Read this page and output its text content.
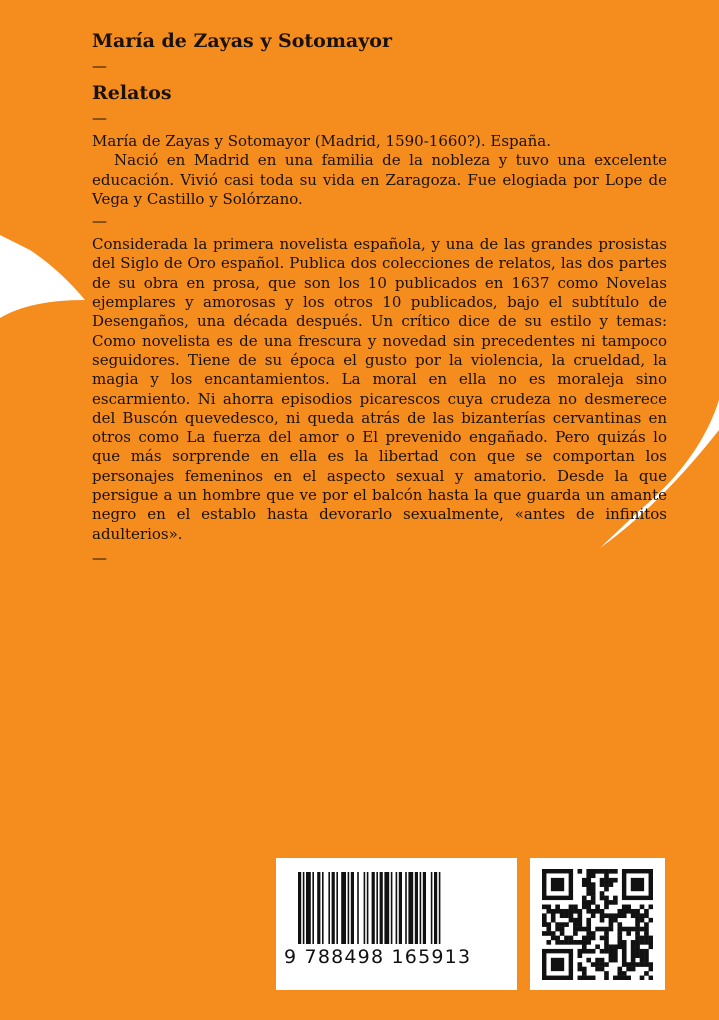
María de Zayas y Sotomayor
—
Relatos
—

María de Zayas y Sotomayor (Madrid, 1590-1660?). España.

Nació en Madrid en una familia de la nobleza y tuvo una excelente educación. Vivió casi toda su vida en Zaragoza. Fue elogiada por Lope de Vega y Castillo y Solórzano.

—

Considerada la primera novelista española, y una de las grandes prosistas del Siglo de Oro español. Publica dos colecciones de relatos, las dos partes de su obra en prosa, que son los 10 publicados en 1637 como Novelas ejemplares y amorosas y los otros 10 publicados, bajo el subtítulo de Desengaños, una década después. Un crítico dice de su estilo y temas: Como novelista es de una frescura y novedad sin precedentes ni tampoco seguidores. Tiene de su época el gusto por la violencia, la crueldad, la magia y los encantamientos. La moral en ella no es moraleja sino escarmiento. Ni ahorra episodios picarescos cuya crudeza no desmerece del Buscón quevedesco, ni queda atrás de las bizanterías cervantinas en otros como La fuerza del amor o El prevenido engañado. Pero quizás lo que más sorprende en ella es la libertad con que se comportan los personajes femeninos en el aspecto sexual y amatorio. Desde la que persigue a un hombre que ve por el balcón hasta la que guarda un amante negro en el establo hasta devorarlo sexualmente, «antes de infinitos adulterios».

—
9 788498 165913
